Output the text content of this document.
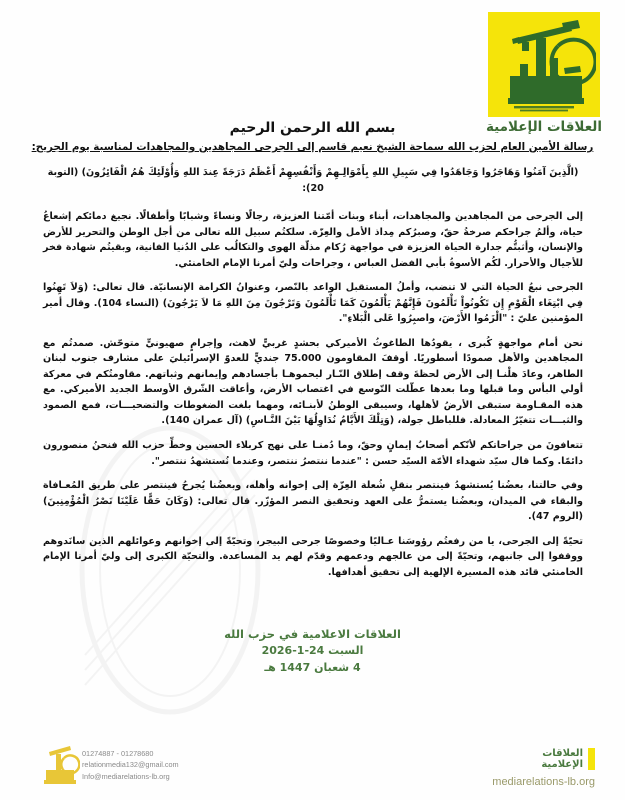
العلاقات الإعلامية
بسم الله الرحمن الرحيم
رسالة الأمين العام لحزب الله سماحة الشيخ نعيم قاسم إلى الجرحى المجاهدين والمجاهدات لمناسبة يوم الجريح:

(الَّذِينَ آمَنُوا وَهَاجَرُوا وَجَاهَدُوا فِي سَبِيلِ اللهِ بِأَمْوَالِـهِمْ وَأَنْفُسِهِمْ أَعْظَمُ دَرَجَةً عِندَ اللهِ وَأُوْلَئِكَ هُمُ الْفَائِزُونَ) (التوبة 20):

إلى الجرحى من المجاهدين والمجاهدات، أبناء وبنات أمّتنا العزيزة، رجالًا ونساءً وشبابًا وأطفالًا. نجيغ دمائكم إشعاعُ حياة، وألمُ جراحكم صرخةُ حقّ، وصبرُكم مِداذ الأمل والعِزّة. سلكتُم سبيل الله تعالى من أجل الوطن والتحرير للأرض والإنسان، وأثبتُّم جدارة الحياة العزيزة في مواجهة رُكام مذلّة الهوى والتكالُب على الدُنيا الفانية، وبقيتُم شهادة فخر للأجيال والأحرار. لكُم الأسوةُ بأبي الفضل العباس ، وجراحات وليّ أمرنا الإمام الخامنئي.

الجرحى نبعُ الحياة التي لا تنضب، وأملُ المستقبل الواعد بالنّصر، وعنوانُ الكرامة الإنسانيّة. قال تعالى: (وَلاَ تَهِنُوا فِي ابْتِغَاء الْقَوْمِ إِن تَكُونُواْ تَأْلَمُونَ فَإِنَّهُمْ يَأْلَمُونَ كَمَا تَأْلَمُونَ وَتَرْجُونَ مِنَ اللهِ مَا لاَ يَرْجُونَ) (النساء 104). وقال أمير المؤمنين عليّ : "الْزَمُوا الأَرْضَ، واصبِرُوا عَلى الْبَلاءِ".

نحن أمام مواجهةٍ كُبرى ، يقودُها الطاغوثُ الأميركي بحشدٍ غربيٍّ لاهث، وإجرامٍ صهيونيٍّ متوحّش. صمدتُم مع المجاهدين والأهل صمودًا أسطوريًا. أوقفَ المقاومون 75.000 جنديٍّ للعدوّ الإسرائيليَ على مشارف جنوب لبنان الطاهر، وعادَ هلْنـا إلى الأرض لحظةَ وقف إطلاق النّـار ليحموهـا بأجسادهم وإيمانهم وثباتهم. مقاومتُكم في معركة أولي البأس وما قبلها وما بعدها عطّلت التّوسع في اغتصاب الأرض، وأعاقت الشّرق الأوسط الجديد الأميركي. مع هذه المقـاومة ستبقى الأرضُ لأهلها، وسيبقى الوطنُ لأبنـائه، ومهما بلغت الضغوطات والتضحيـــات، فمع الصمود والثبـــات تتغيّرُ المعادلة. فللباطل جولة، (وَتِلْكَ الأَيَّامُ نُدَاوِلُهَا بَيْنَ النَّـاسِ) (آل عمران 140).

تتعافونَ من جراحاتكم لأنّكم أصحابُ إيمانٍ وحقّ، وما دُمنـا على نهج كربلاء الحسين وخطِّ حزب الله فنحنُ منصورون دائمًا. وكما قال سيّد شهداء الأمّة السيّد حسن : "عندما ننتصرُ ننتصر، وعندما نُستشهدُ ننتصر".

وفي حالتنا، بعضُنا يُستشهدُ فينتصر بنقلِ شُعلة العِزّة إلى إخوانه وأهله، وبعضُنا يُجرحُ فينتصر على طريق المُعـافاة والبقاء في الميدان، وبعضُنا يستمرُّ على العهد وتحقيق النصر المؤزّر. قال تعالى: (وَكَانَ حَقًّا عَلَيْنَا نَصْرُ الْمُؤْمِنِينَ) (الروم 47).

تحيّةً إلى الجرحى، يا من رفعتُم رؤوسَنا عـاليًا وخصوصًا جرحى البيجر، وتحيّةً إلى إخوانهم وعوائلهم الذين سانَدوهم ووقفوا إلى جانبهم، وتحيّةً إلى من عالجهم ودعمهم وقدّم لهم يد المساعدة. والتحيّة الكبرى إلى وليّ أمرنا الإمام الخامنئي قائد هذه المسيرة الإلهية إلى تحقيق أهدافها.

العلاقات الاعلامية في حزب الله
السبت 24-1-2026
4 شعبان 1447 هـ
01274887 - 01278680
relationmedia132@gmail.com
Info@mediarelations-lb.org
العلاقات
الإعلامية
mediarelations-lb.org
